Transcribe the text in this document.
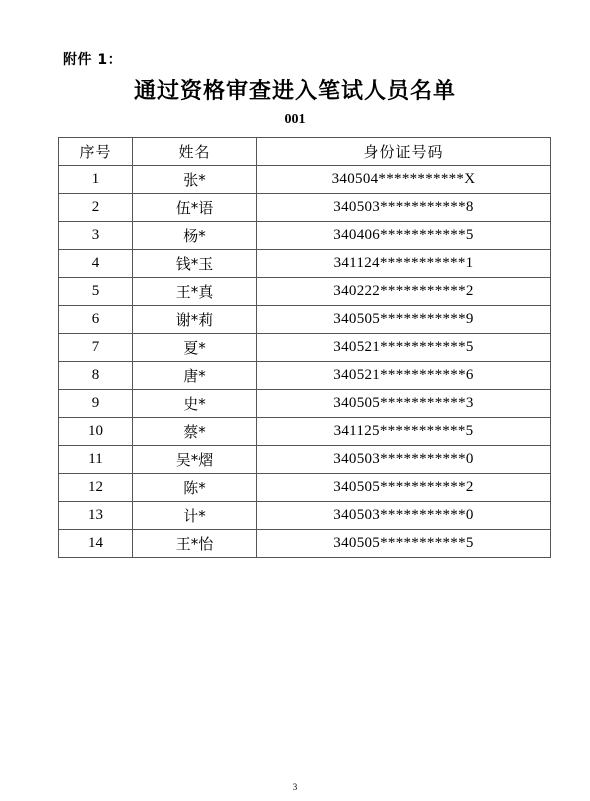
附件 1：
通过资格审查进入笔试人员名单
001
序号	姓名	身份证号码
1	张*	340504***********X
2	伍*语	340503***********8
3	杨*	340406***********5
4	钱*玉	341124***********1
5	王*真	340222***********2
6	谢*莉	340505***********9
7	夏*	340521***********5
8	唐*	340521***********6
9	史*	340505***********3
10	蔡*	341125***********5
11	吴*熠	340503***********0
12	陈*	340505***********2
13	计*	340503***********0
14	王*怡	340505***********5
3
